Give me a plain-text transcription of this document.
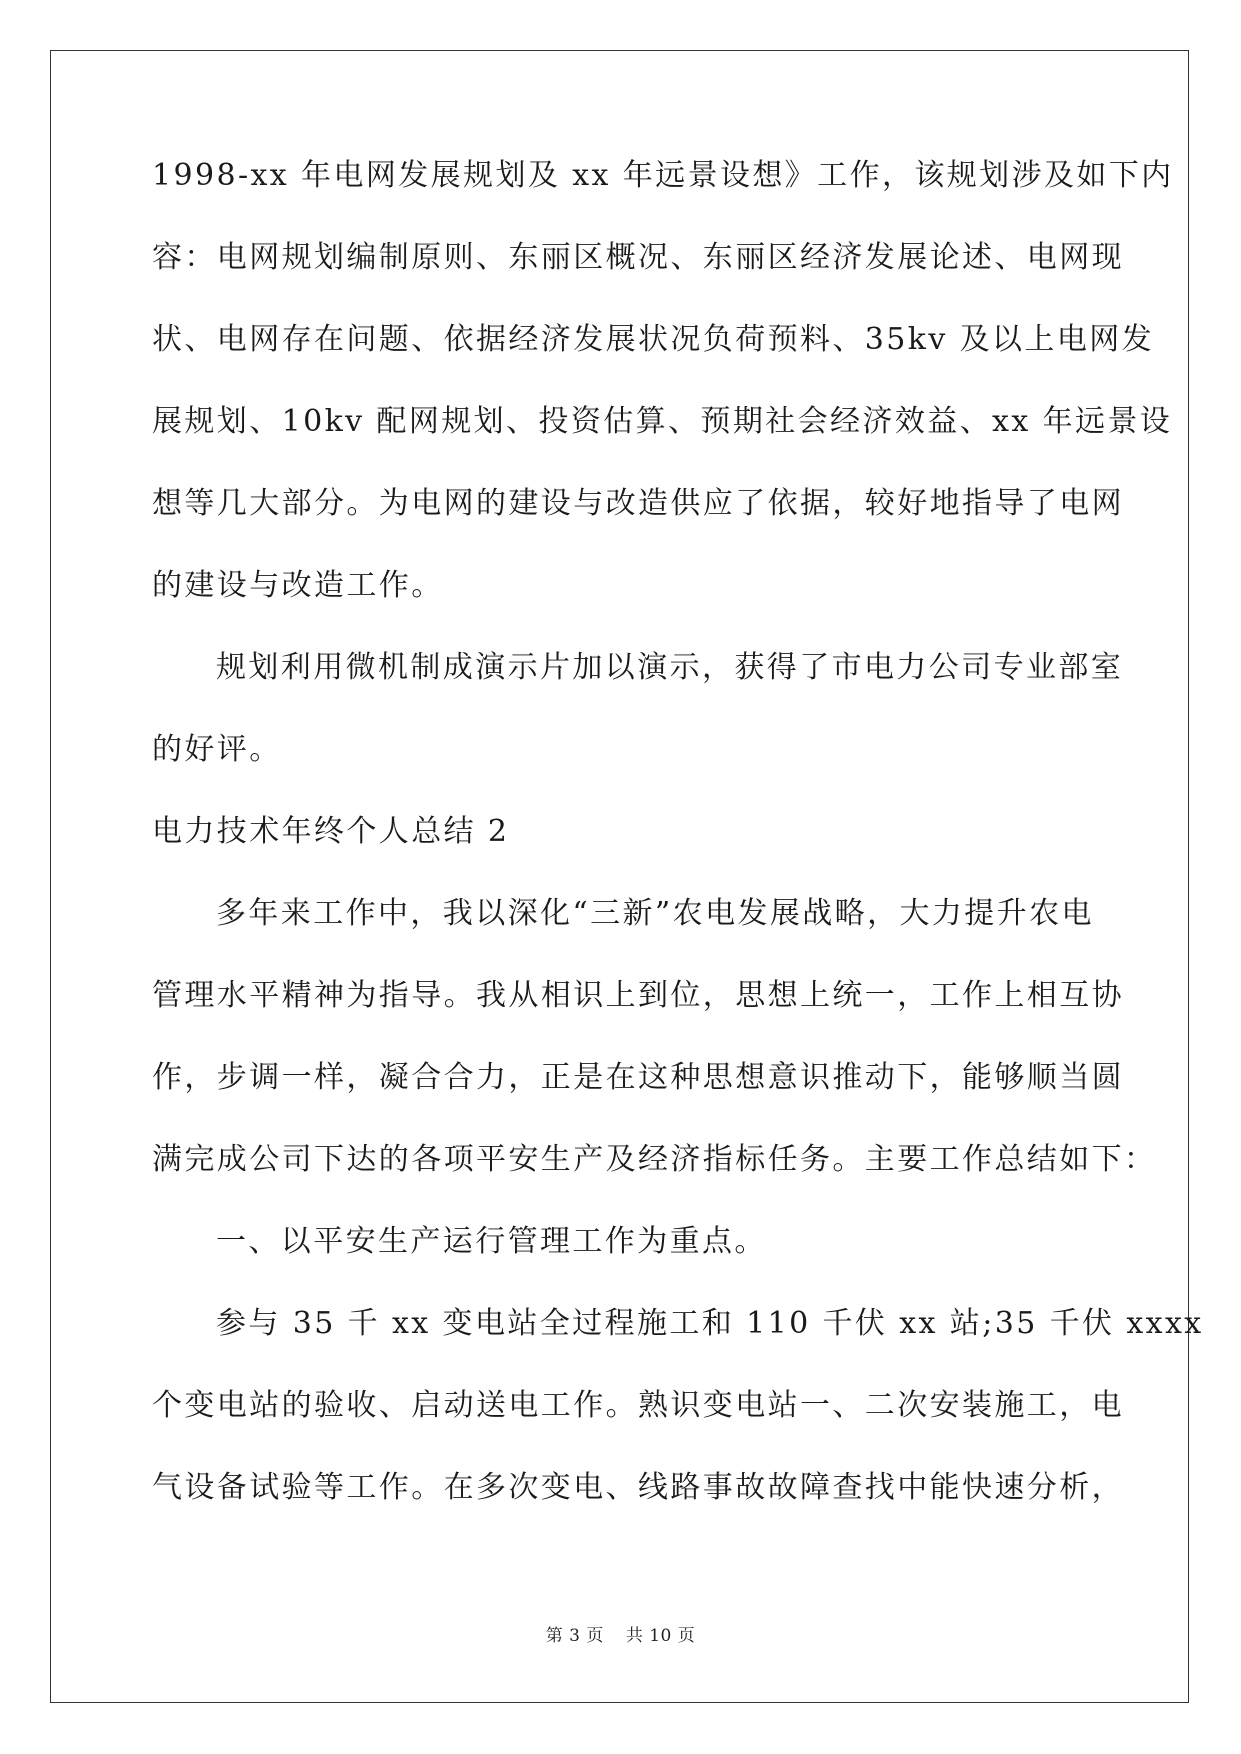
1998-xx 年电网发展规划及 xx 年远景设想》工作，该规划涉及如下内
容：电网规划编制原则、东丽区概况、东丽区经济发展论述、电网现
状、电网存在问题、依据经济发展状况负荷预料、35kv 及以上电网发
展规划、10kv 配网规划、投资估算、预期社会经济效益、xx 年远景设
想等几大部分。为电网的建设与改造供应了依据，较好地指导了电网
的建设与改造工作。
规划利用微机制成演示片加以演示，获得了市电力公司专业部室
的好评。
电力技术年终个人总结 2
多年来工作中，我以深化“三新”农电发展战略，大力提升农电
管理水平精神为指导。我从相识上到位，思想上统一，工作上相互协
作，步调一样，凝合合力，正是在这种思想意识推动下，能够顺当圆
满完成公司下达的各项平安生产及经济指标任务。主要工作总结如下：
一、以平安生产运行管理工作为重点。
参与 35 千 xx 变电站全过程施工和 110 千伏 xx 站;35 千伏 xxxx
个变电站的验收、启动送电工作。熟识变电站一、二次安装施工，电
气设备试验等工作。在多次变电、线路事故故障查找中能快速分析，
第 3 页 共 10 页
